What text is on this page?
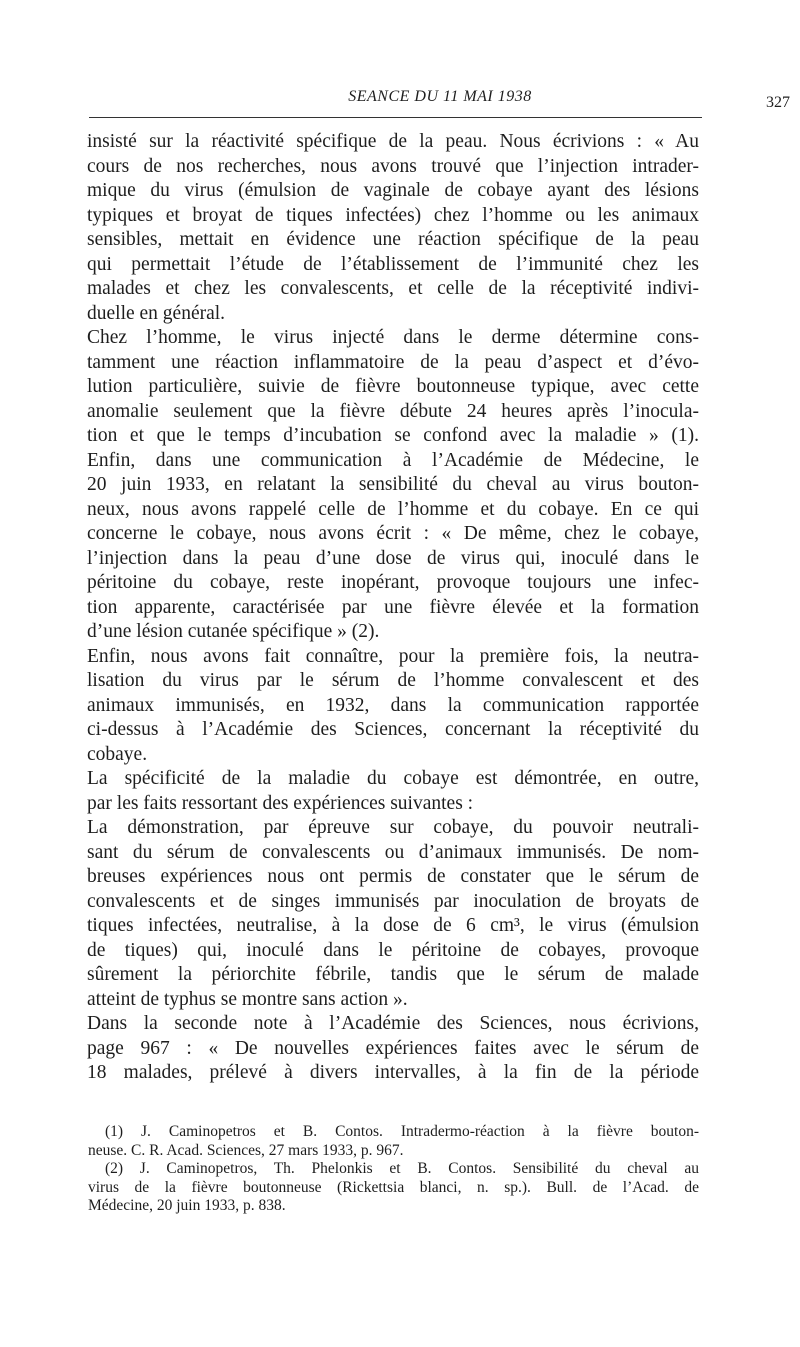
SEANCE DU 11 MAI 1938	327
insisté sur la réactivité spécifique de la peau. Nous écrivions : « Au
cours de nos recherches, nous avons trouvé que l’injection intrader-
mique du virus (émulsion de vaginale de cobaye ayant des lésions
typiques et broyat de tiques infectées) chez l’homme ou les animaux
sensibles, mettait en évidence une réaction spécifique de la peau
qui permettait l’étude de l’établissement de l’immunité chez les
malades et chez les convalescents, et celle de la réceptivité indivi-
duelle en général.
Chez l’homme, le virus injecté dans le derme détermine cons-
tamment une réaction inflammatoire de la peau d’aspect et d’évo-
lution particulière, suivie de fièvre boutonneuse typique, avec cette
anomalie seulement que la fièvre débute 24 heures après l’inocula-
tion et que le temps d’incubation se confond avec la maladie » (1).
Enfin, dans une communication à l’Académie de Médecine, le
20 juin 1933, en relatant la sensibilité du cheval au virus bouton-
neux, nous avons rappelé celle de l’homme et du cobaye. En ce qui
concerne le cobaye, nous avons écrit : « De même, chez le cobaye,
l’injection dans la peau d’une dose de virus qui, inoculé dans le
péritoine du cobaye, reste inopérant, provoque toujours une infec-
tion apparente, caractérisée par une fièvre élevée et la formation
d’une lésion cutanée spécifique » (2).
Enfin, nous avons fait connaître, pour la première fois, la neutra-
lisation du virus par le sérum de l’homme convalescent et des
animaux immunisés, en 1932, dans la communication rapportée
ci-dessus à l’Académie des Sciences, concernant la réceptivité du
cobaye.
La spécificité de la maladie du cobaye est démontrée, en outre,
par les faits ressortant des expériences suivantes :
La démonstration, par épreuve sur cobaye, du pouvoir neutrali-
sant du sérum de convalescents ou d’animaux immunisés. De nom-
breuses expériences nous ont permis de constater que le sérum de
convalescents et de singes immunisés par inoculation de broyats de
tiques infectées, neutralise, à la dose de 6 cm³, le virus (émulsion
de tiques) qui, inoculé dans le péritoine de cobayes, provoque
sûrement la périorchite fébrile, tandis que le sérum de malade
atteint de typhus se montre sans action ».
Dans la seconde note à l’Académie des Sciences, nous écrivions,
page 967 : « De nouvelles expériences faites avec le sérum de
18 malades, prélevé à divers intervalles, à la fin de la période
(1) J. Caminopetros et B. Contos. Intradermo-réaction à la fièvre bouton-
neuse. C. R. Acad. Sciences, 27 mars 1933, p. 967.
(2) J. Caminopetros, Th. Phelonkis et B. Contos. Sensibilité du cheval au
virus de la fièvre boutonneuse (Rickettsia blanci, n. sp.). Bull. de l’Acad. de
Médecine, 20 juin 1933, p. 838.
